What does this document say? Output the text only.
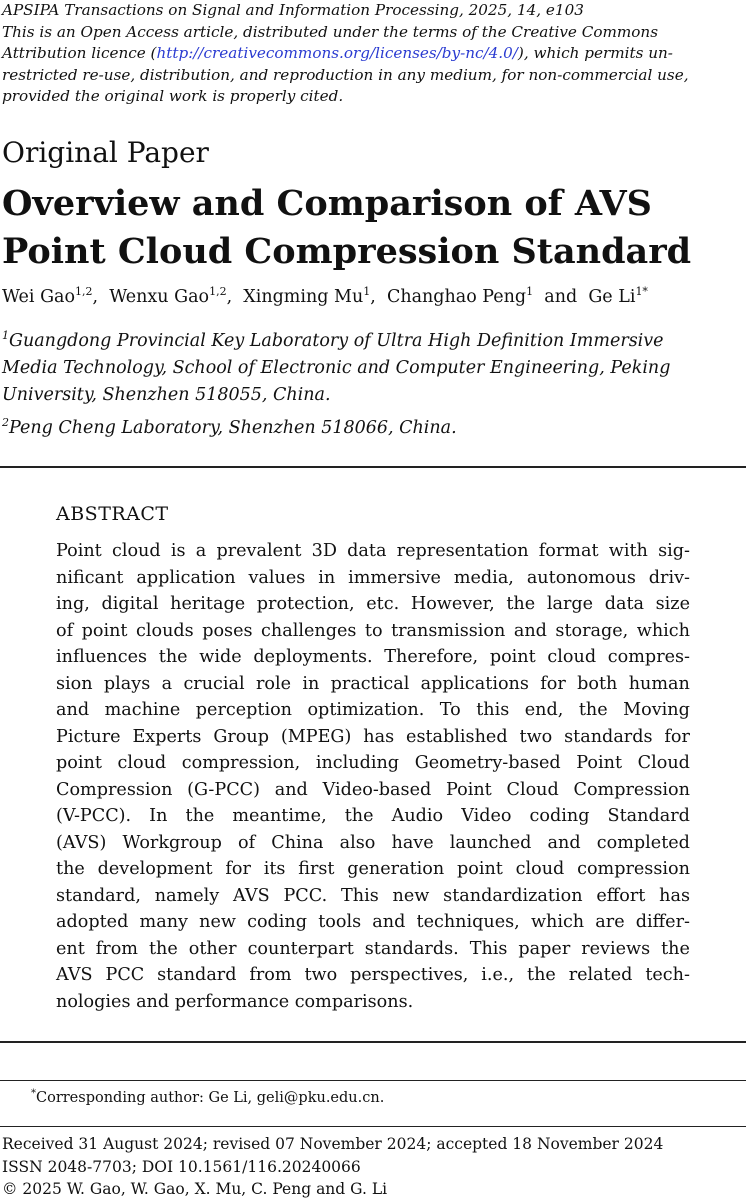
APSIPA Transactions on Signal and Information Processing, 2025, 14, e103
This is an Open Access article, distributed under the terms of the Creative Commons
Attribution licence (http://creativecommons.org/licenses/by-nc/4.0/), which permits un-
restricted re-use, distribution, and reproduction in any medium, for non-commercial use,
provided the original work is properly cited.
Original Paper
Overview and Comparison of AVS
Point Cloud Compression Standard
Wei Gao$^{1,2}$,  Wenxu Gao$^{1,2}$,  Xingming Mu$^1$,  Changhao Peng$^1$  and  Ge $Li^{1*}$
$^1$Guangdong Provincial Key Laboratory of Ultra High Definition Immersive
Media Technology, School of Electronic and Computer Engineering, Peking
University, Shenzhen 518055, China.
$^2$Peng Cheng Laboratory, Shenzhen 518066, China.
ABSTRACT
Point cloud is a prevalent 3D data representation format with sig-
nificant application values in immersive media, autonomous driv-
ing, digital heritage protection, etc. However, the large data size
of point clouds poses challenges to transmission and storage, which
influences the wide deployments. Therefore, point cloud compres-
sion plays a crucial role in practical applications for both human
and machine perception optimization. To this end, the Moving
Picture Experts Group (MPEG) has established two standards for
point cloud compression, including Geometry-based Point Cloud
Compression (G-PCC) and Video-based Point Cloud Compression
(V-PCC). In the meantime, the Audio Video coding Standard
(AVS) Workgroup of China also have launched and completed
the development for its first generation point cloud compression
standard, namely AVS PCC. This new standardization effort has
adopted many new coding tools and techniques, which are differ-
ent from the other counterpart standards. This paper reviews the
AVS PCC standard from two perspectives, i.e., the related tech-
nologies and performance comparisons.
*Corresponding author: Ge Li, geli@pku.edu.cn.
Received 31 August 2024; revised 07 November 2024; accepted 18 November 2024
ISSN 2048-7703; DOI 10.1561/116.20240066
© 2025 W. Gao, W. Gao, X. Mu, C. Peng and G. Li
